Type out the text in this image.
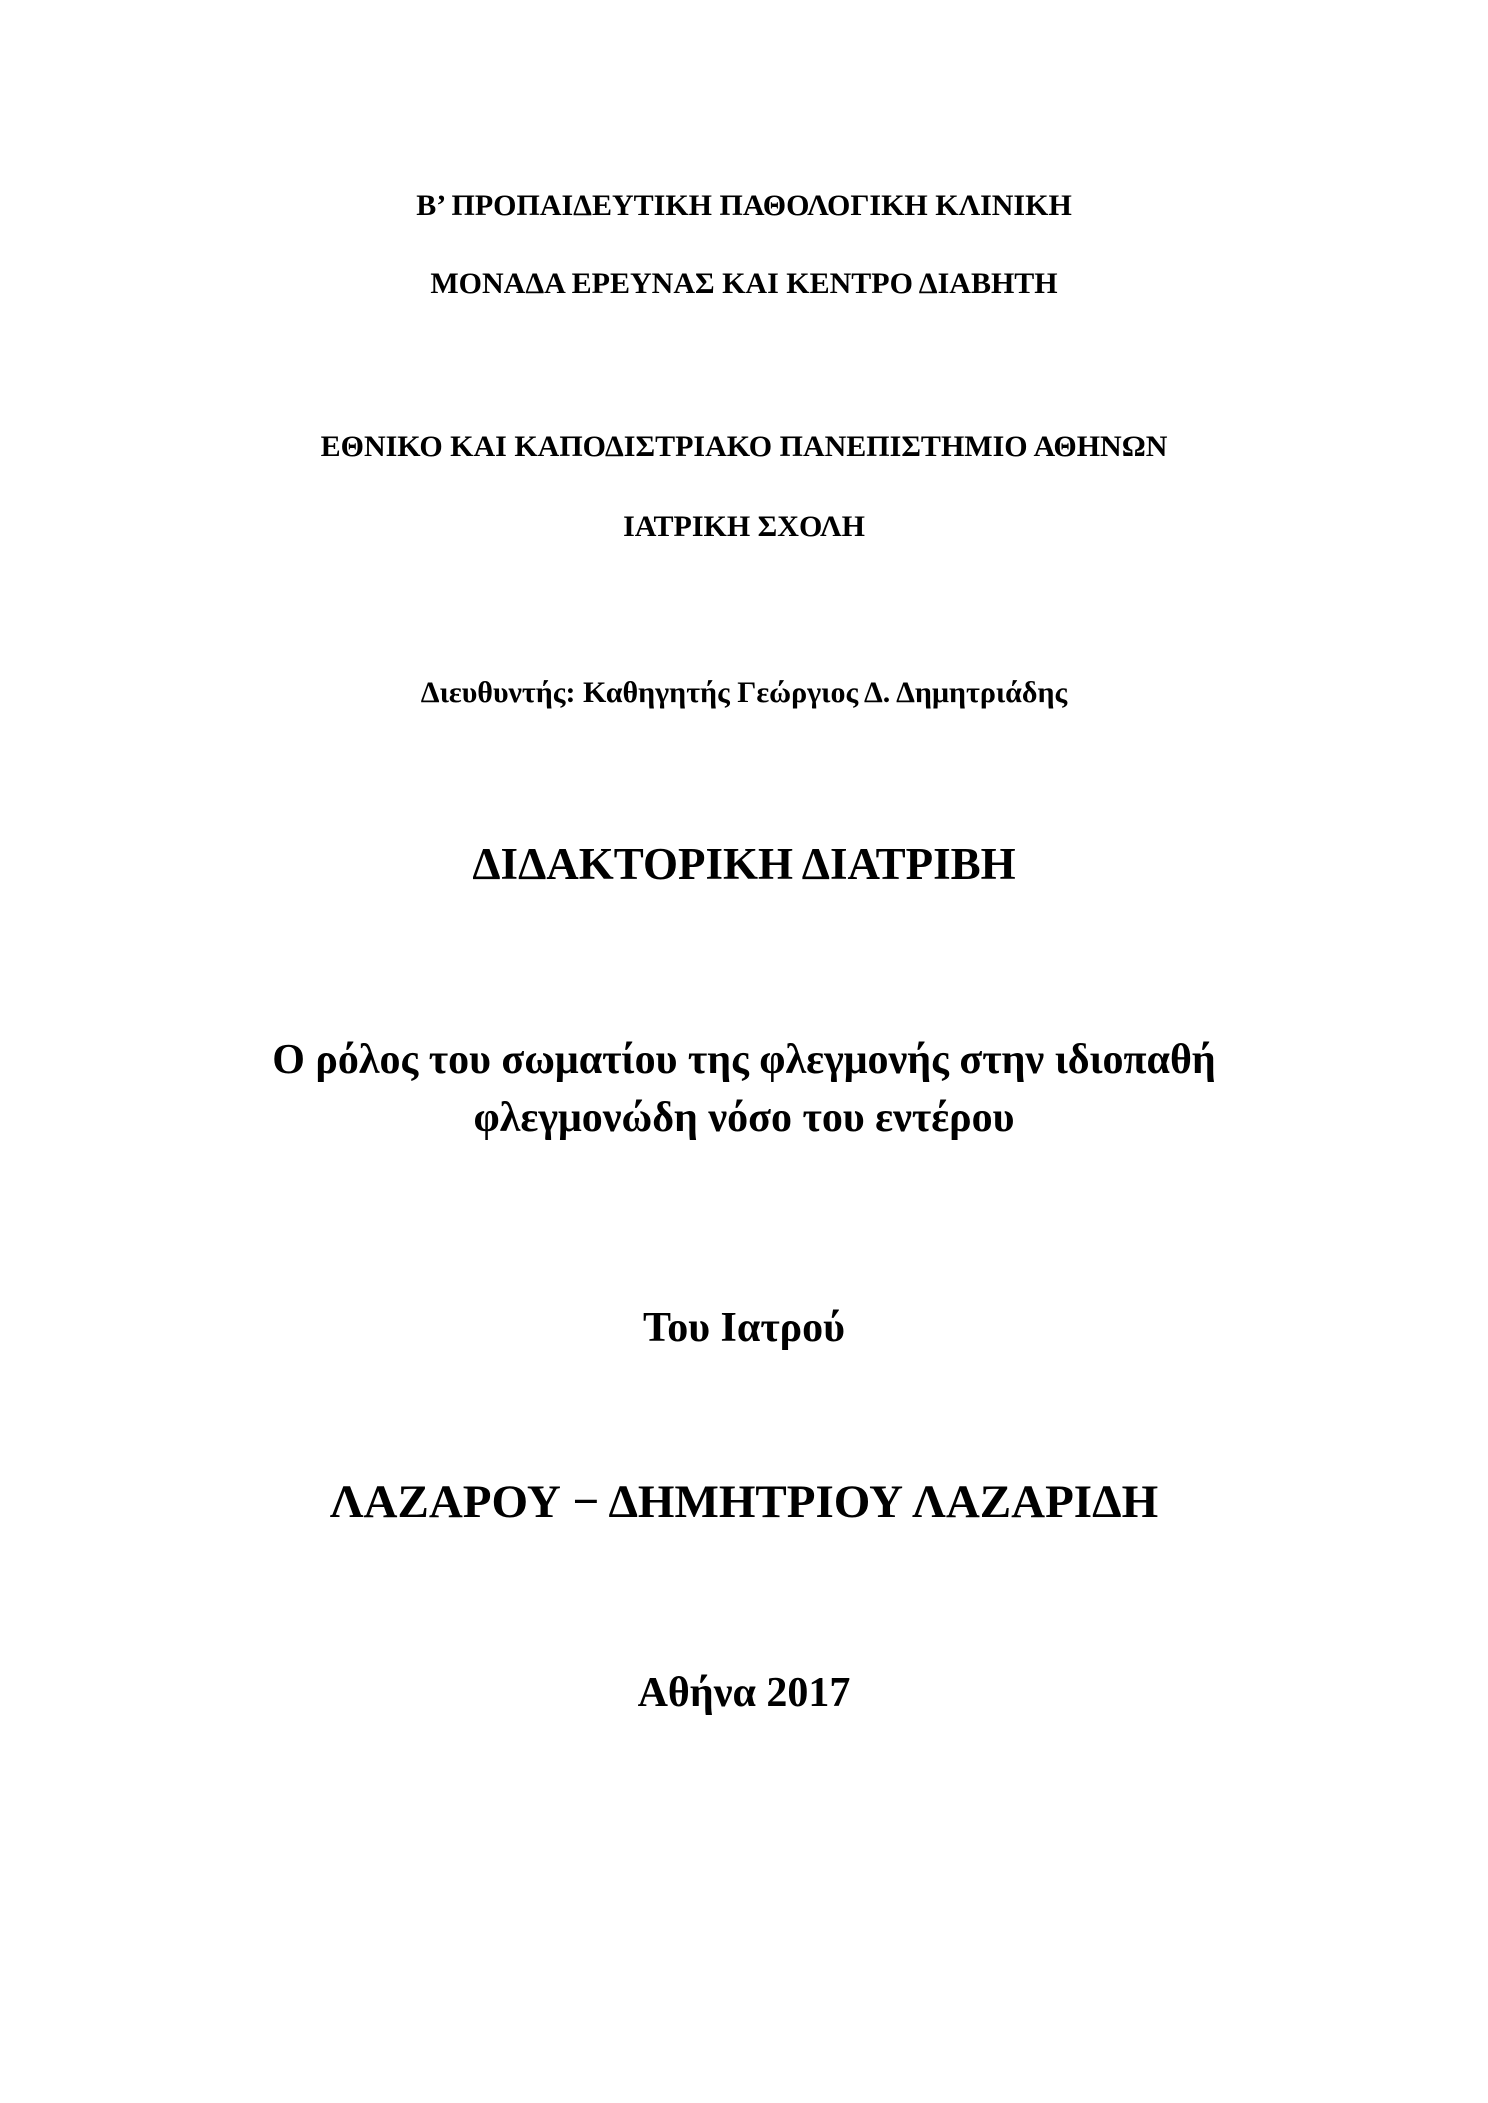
Β’ ΠΡΟΠΑΙΔΕΥΤΙΚΗ ΠΑΘΟΛΟΓΙΚΗ ΚΛΙΝΙΚΗ
ΜΟΝΑΔΑ ΕΡΕΥΝΑΣ ΚΑΙ ΚΕΝΤΡΟ ΔΙΑΒΗΤΗ
ΕΘΝΙΚΟ ΚΑΙ ΚΑΠΟΔΙΣΤΡΙΑΚΟ ΠΑΝΕΠΙΣΤΗΜΙΟ ΑΘΗΝΩΝ
ΙΑΤΡΙΚΗ ΣΧΟΛΗ
Διευθυντής: Καθηγητής Γεώργιος Δ. Δημητριάδης
ΔΙΔΑΚΤΟΡΙΚΗ ΔΙΑΤΡΙΒΗ
Ο ρόλος του σωματίου της φλεγμονής στην ιδιοπαθή
φλεγμονώδη νόσο του εντέρου
Του Ιατρού
ΛΑΖΑΡΟΥ − ΔΗΜΗΤΡΙΟΥ ΛΑΖΑΡΙΔΗ
Αθήνα 2017
